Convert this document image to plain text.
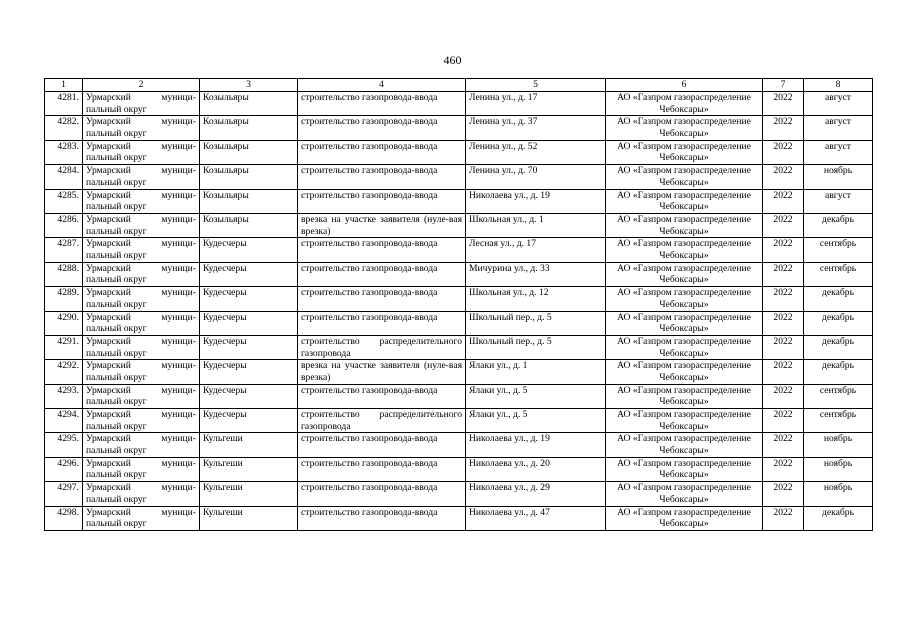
460
1	2	3	4	5	6	7	8
4281.	Урмарский муници-пальный округ	Козыльяры	строительство газопровода-ввода	Ленина ул., д. 17	АО «Газпром газораспределение Чебоксары»	2022	август
4282.	Урмарский муници-пальный округ	Козыльяры	строительство газопровода-ввода	Ленина ул., д. 37	АО «Газпром газораспределение Чебоксары»	2022	август
4283.	Урмарский муници-пальный округ	Козыльяры	строительство газопровода-ввода	Ленина ул., д. 52	АО «Газпром газораспределение Чебоксары»	2022	август
4284.	Урмарский муници-пальный округ	Козыльяры	строительство газопровода-ввода	Ленина ул., д. 70	АО «Газпром газораспределение Чебоксары»	2022	ноябрь
4285.	Урмарский муници-пальный округ	Козыльяры	строительство газопровода-ввода	Николаева ул., д. 19	АО «Газпром газораспределение Чебоксары»	2022	август
4286.	Урмарский муници-пальный округ	Козыльяры	врезка на участке заявителя (нуле-вая врезка)	Школьная ул., д. 1	АО «Газпром газораспределение Чебоксары»	2022	декабрь
4287.	Урмарский муници-пальный округ	Кудесчеры	строительство газопровода-ввода	Лесная ул., д. 17	АО «Газпром газораспределение Чебоксары»	2022	сентябрь
4288.	Урмарский муници-пальный округ	Кудесчеры	строительство газопровода-ввода	Мичурина ул., д. 33	АО «Газпром газораспределение Чебоксары»	2022	сентябрь
4289.	Урмарский муници-пальный округ	Кудесчеры	строительство газопровода-ввода	Школьная ул., д. 12	АО «Газпром газораспределение Чебоксары»	2022	декабрь
4290.	Урмарский муници-пальный округ	Кудесчеры	строительство газопровода-ввода	Школьный пер., д. 5	АО «Газпром газораспределение Чебоксары»	2022	декабрь
4291.	Урмарский муници-пальный округ	Кудесчеры	строительство распределительного газопровода	Школьный пер., д. 5	АО «Газпром газораспределение Чебоксары»	2022	декабрь
4292.	Урмарский муници-пальный округ	Кудесчеры	врезка на участке заявителя (нуле-вая врезка)	Ялаки ул., д. 1	АО «Газпром газораспределение Чебоксары»	2022	декабрь
4293.	Урмарский муници-пальный округ	Кудесчеры	строительство газопровода-ввода	Ялаки ул., д. 5	АО «Газпром газораспределение Чебоксары»	2022	сентябрь
4294.	Урмарский муници-пальный округ	Кудесчеры	строительство распределительного газопровода	Ялаки ул., д. 5	АО «Газпром газораспределение Чебоксары»	2022	сентябрь
4295.	Урмарский муници-пальный округ	Кульгеши	строительство газопровода-ввода	Николаева ул., д. 19	АО «Газпром газораспределение Чебоксары»	2022	ноябрь
4296.	Урмарский муници-пальный округ	Кульгеши	строительство газопровода-ввода	Николаева ул., д. 20	АО «Газпром газораспределение Чебоксары»	2022	ноябрь
4297.	Урмарский муници-пальный округ	Кульгеши	строительство газопровода-ввода	Николаева ул., д. 29	АО «Газпром газораспределение Чебоксары»	2022	ноябрь
4298.	Урмарский муници-пальный округ	Кульгеши	строительство газопровода-ввода	Николаева ул., д. 47	АО «Газпром газораспределение Чебоксары»	2022	декабрь
